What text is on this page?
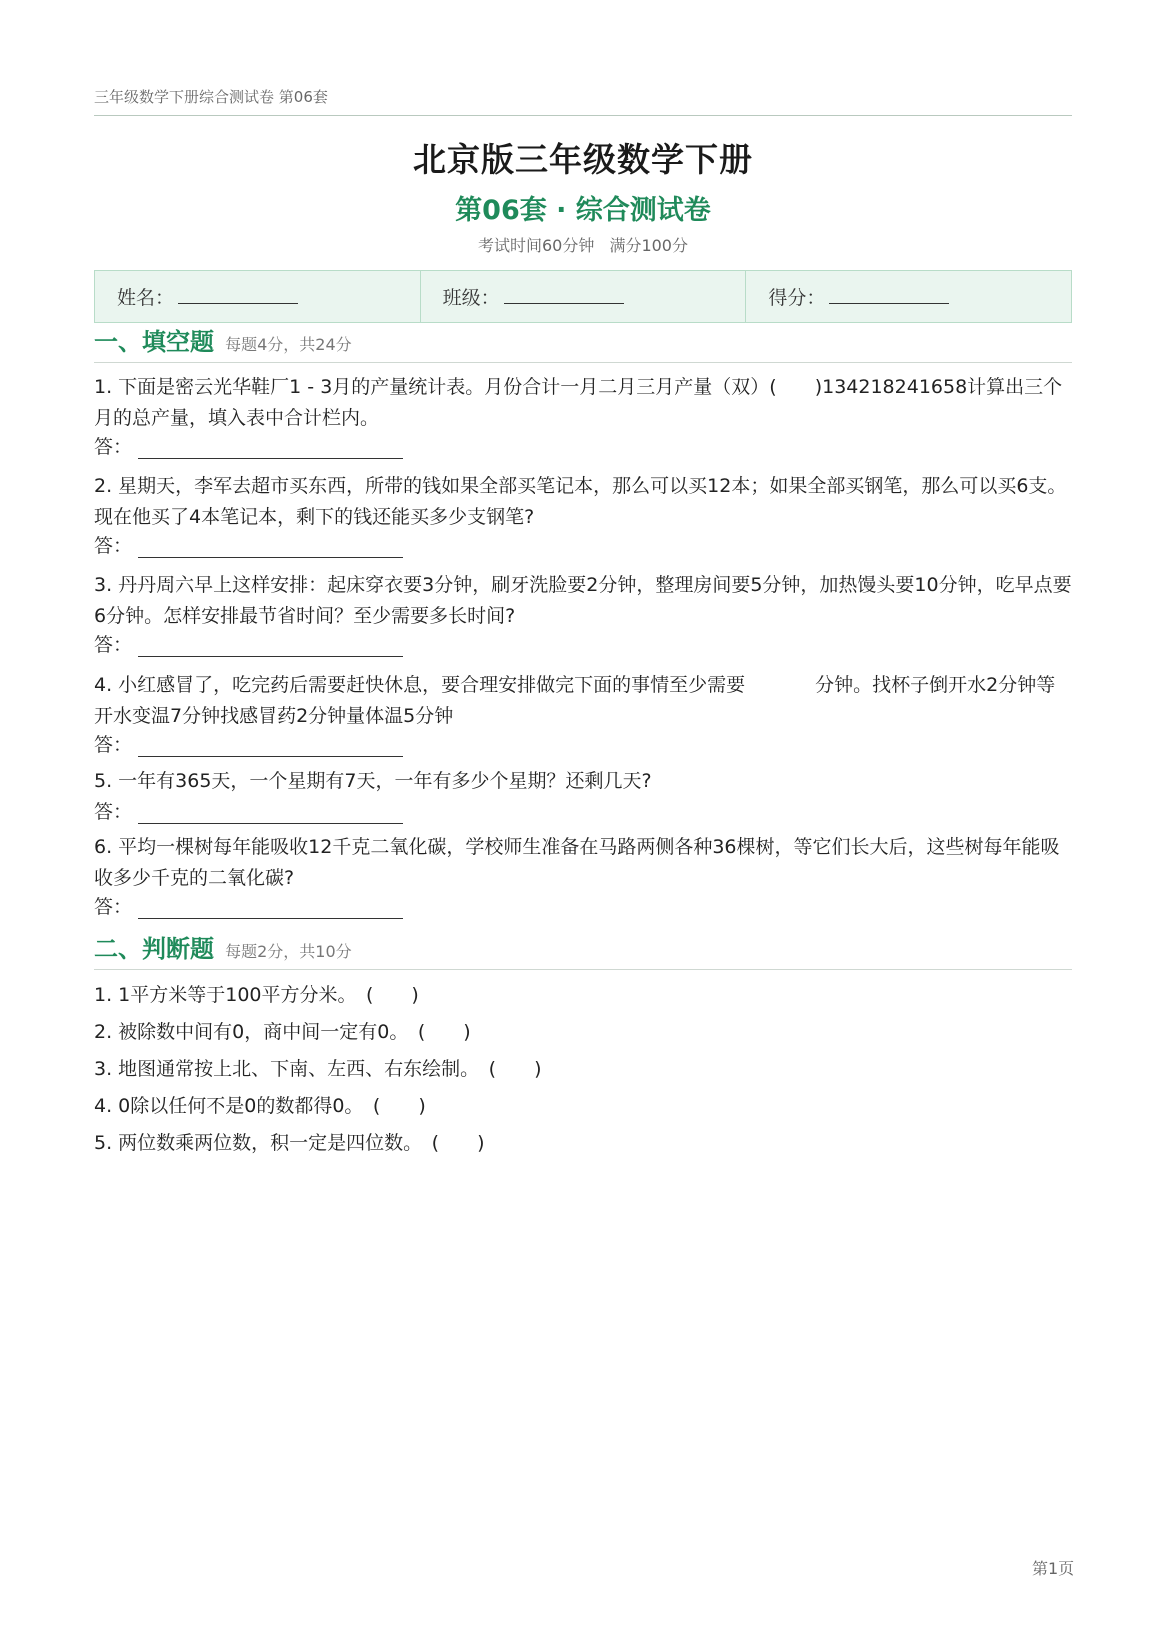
三年级数学下册综合测试卷 第06套
北京版三年级数学下册
第06套 · 综合测试卷
考试时间60分钟 满分100分
姓名：	班级：	得分：
一、填空题 每题4分，共24分
1. 下面是密云光华鞋厂1 - 3月的产量统计表。月份合计一月二月三月产量（双）(　　)134218241658计算出三个月的总产量，填入表中合计栏内。
答：
2. 星期天，李军去超市买东西，所带的钱如果全部买笔记本，那么可以买12本；如果全部买钢笔，那么可以买6支。现在他买了4本笔记本，剩下的钱还能买多少支钢笔?
答：
3. 丹丹周六早上这样安排：起床穿衣要3分钟，刷牙洗脸要2分钟，整理房间要5分钟，加热馒头要10分钟，吃早点要6分钟。怎样安排最节省时间？至少需要多长时间?
答：
4. 小红感冒了，吃完药后需要赶快休息，要合理安排做完下面的事情至少需要	分钟。找杯子倒开水2分钟等开水变温7分钟找感冒药2分钟量体温5分钟
答：
5. 一年有365天，一个星期有7天，一年有多少个星期？还剩几天?
答：
6. 平均一棵树每年能吸收12千克二氧化碳，学校师生准备在马路两侧各种36棵树，等它们长大后，这些树每年能吸收多少千克的二氧化碳?
答：
二、判断题 每题2分，共10分
1. 1平方米等于100平方分米。　(　　)
2. 被除数中间有0，商中间一定有0。　(　　)
3. 地图通常按上北、下南、左西、右东绘制。　(　　)
4. 0除以任何不是0的数都得0。　(　　)
5. 两位数乘两位数，积一定是四位数。　(　　)
第1页
